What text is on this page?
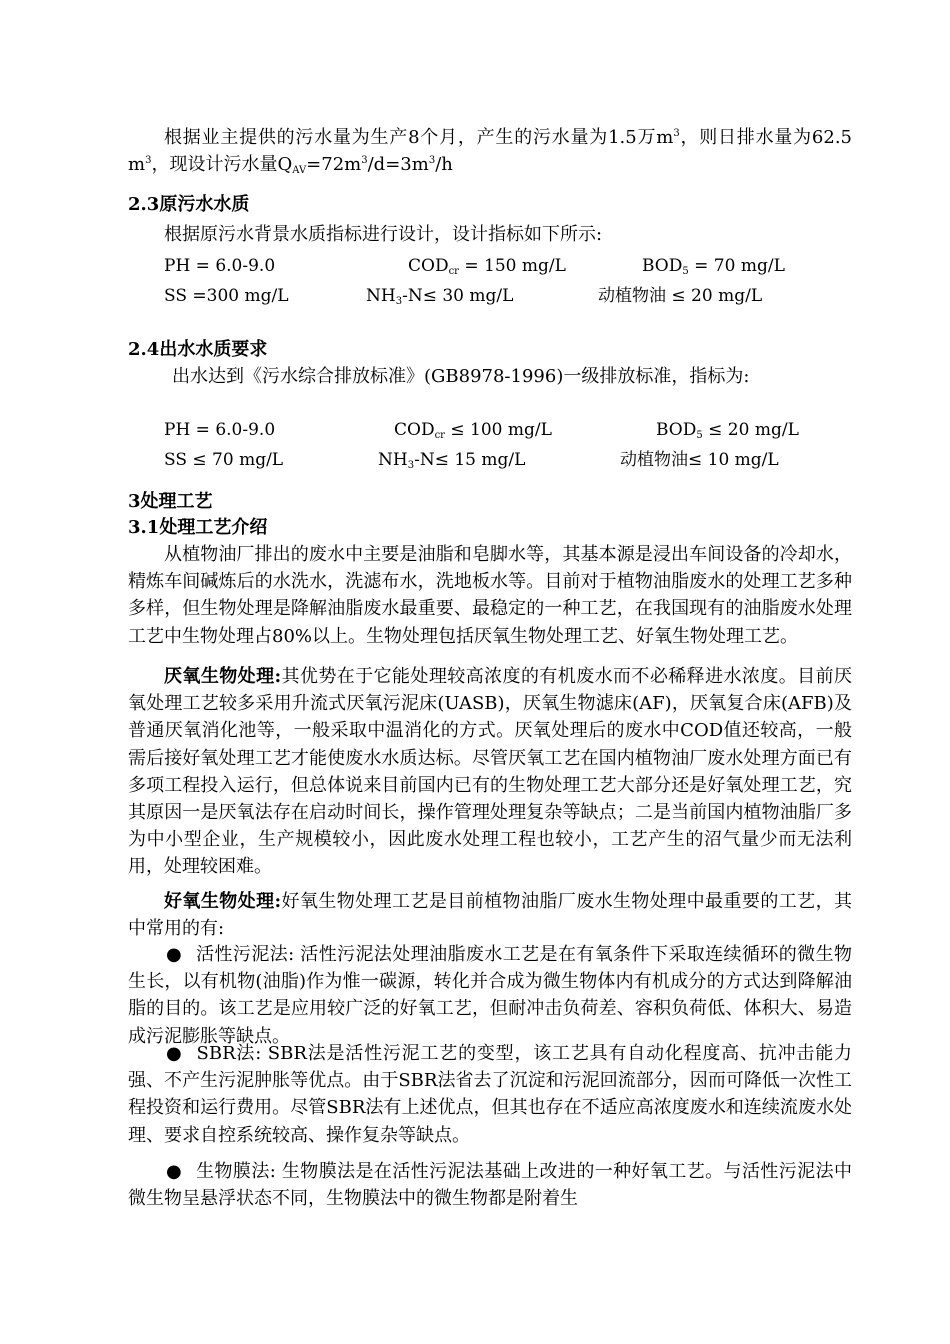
根据业主提供的污水量为生产8个月，产生的污水量为1.5万$m^3$，则日排水量为62.5 $m^3$，现设计污水量$Q_{AV}=72m^3/d=3m^3/h$

2.3原污水水质

根据原污水背景水质指标进行设计，设计指标如下所示:

PH = 6.0-9.0	$COD_{cr} = 150$ mg/L	$BOD_5 = 70$ mg/L
SS =300 mg/L	$NH_3-N\le 30$ mg/L	动植物油 ≤ 20 mg/L
2.4出水水质要求

出水达到《污水综合排放标准》(GB8978-1996)一级排放标准，指标为:

PH = 6.0-9.0	$COD_{cr} \le 100$ mg/L	$BOD_5 \le 20$ mg/L
SS ≤ 70 mg/L	$NH_3-N\le 15$ mg/L	动植物油≤ 10 mg/L
3处理工艺
3.1处理工艺介绍

从植物油厂排出的废水中主要是油脂和皂脚水等，其基本源是浸出车间设备的冷却水，精炼车间碱炼后的水洗水，洗滤布水，洗地板水等。目前对于植物油脂废水的处理工艺多种多样，但生物处理是降解油脂废水最重要、最稳定的一种工艺，在我国现有的油脂废水处理工艺中生物处理占80%以上。生物处理包括厌氧生物处理工艺、好氧生物处理工艺。

厌氧生物处理:其优势在于它能处理较高浓度的有机废水而不必稀释进水浓度。目前厌氧处理工艺较多采用升流式厌氧污泥床(UASB)，厌氧生物滤床(AF)，厌氧复合床(AFB)及普通厌氧消化池等，一般采取中温消化的方式。厌氧处理后的废水中COD值还较高，一般需后接好氧处理工艺才能使废水水质达标。尽管厌氧工艺在国内植物油厂废水处理方面已有多项工程投入运行，但总体说来目前国内已有的生物处理工艺大部分还是好氧处理工艺，究其原因一是厌氧法存在启动时间长，操作管理处理复杂等缺点；二是当前国内植物油脂厂多为中小型企业，生产规模较小，因此废水处理工程也较小，工艺产生的沼气量少而无法利用，处理较困难。

好氧生物处理:好氧生物处理工艺是目前植物油脂厂废水生物处理中最重要的工艺，其中常用的有:

● 活性污泥法: 活性污泥法处理油脂废水工艺是在有氧条件下采取连续循环的微生物生长，以有机物(油脂)作为惟一碳源，转化并合成为微生物体内有机成分的方式达到降解油脂的目的。该工艺是应用较广泛的好氧工艺，但耐冲击负荷差、容积负荷低、体积大、易造成污泥膨胀等缺点。

● SBR法: SBR法是活性污泥工艺的变型，该工艺具有自动化程度高、抗冲击能力强、不产生污泥肿胀等优点。由于SBR法省去了沉淀和污泥回流部分，因而可降低一次性工程投资和运行费用。尽管SBR法有上述优点，但其也存在不适应高浓度废水和连续流废水处理、要求自控系统较高、操作复杂等缺点。

● 生物膜法: 生物膜法是在活性污泥法基础上改进的一种好氧工艺。与活性污泥法中微生物呈悬浮状态不同，生物膜法中的微生物都是附着生
